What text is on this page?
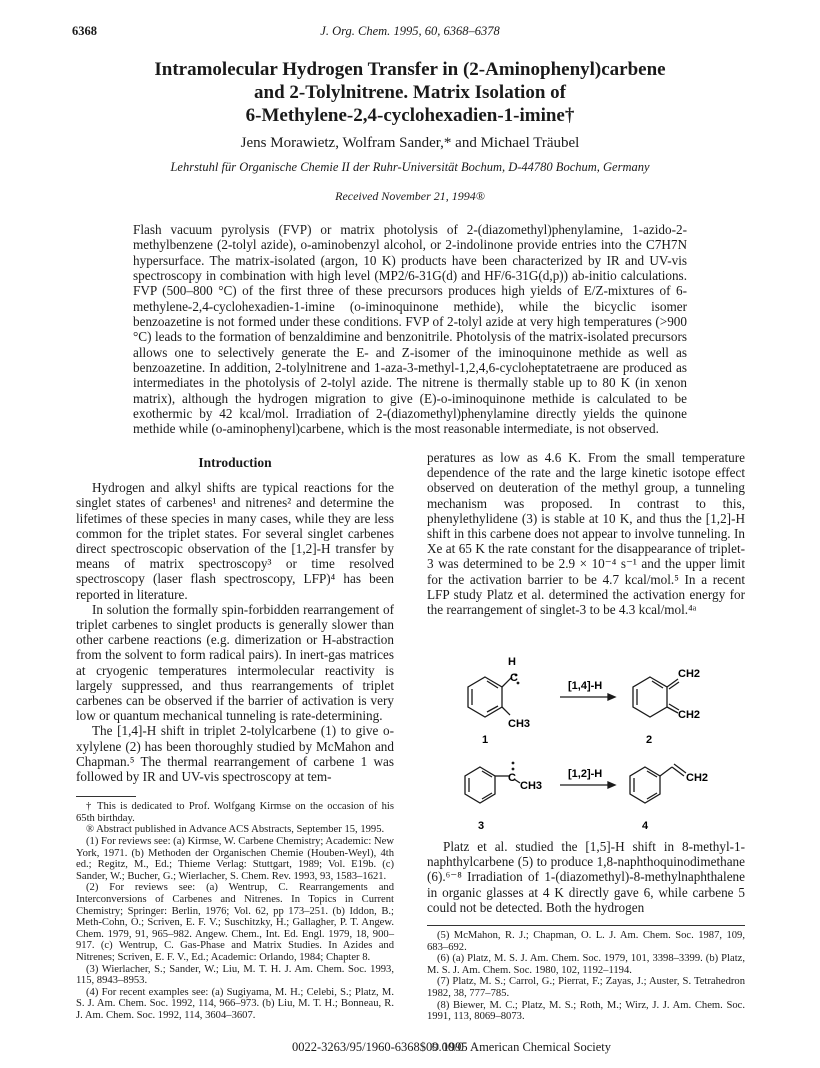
6368	J. Org. Chem. 1995, 60, 6368–6378
Intramolecular Hydrogen Transfer in (2-Aminophenyl)carbene
and 2-Tolylnitrene. Matrix Isolation of
6-Methylene-2,4-cyclohexadien-1-imine†
Jens Morawietz, Wolfram Sander,* and Michael Träubel
Lehrstuhl für Organische Chemie II der Ruhr-Universität Bochum, D-44780 Bochum, Germany
Received November 21, 1994®
Flash vacuum pyrolysis (FVP) or matrix photolysis of 2-(diazomethyl)phenylamine, 1-azido-2-methylbenzene (2-tolyl azide), o-aminobenzyl alcohol, or 2-indolinone provide entries into the C7H7N hypersurface. The matrix-isolated (argon, 10 K) products have been characterized by IR and UV-vis spectroscopy in combination with high level (MP2/6-31G(d) and HF/6-31G(d,p)) ab-initio calculations. FVP (500–800 °C) of the first three of these precursors produces high yields of E/Z-mixtures of 6-methylene-2,4-cyclohexadien-1-imine (o-iminoquinone methide), while the bicyclic isomer benzoazetine is not formed under these conditions. FVP of 2-tolyl azide at very high temperatures (>900 °C) leads to the formation of benzaldimine and benzonitrile. Photolysis of the matrix-isolated precursors allows one to selectively generate the E- and Z-isomer of the iminoquinone methide as well as benzoazetine. In addition, 2-tolylnitrene and 1-aza-3-methyl-1,2,4,6-cycloheptatetraene are produced as intermediates in the photolysis of 2-tolyl azide. The nitrene is thermally stable up to 80 K (in xenon matrix), although the hydrogen migration to give (E)-o-iminoquinone methide is calculated to be exothermic by 42 kcal/mol. Irradiation of 2-(diazomethyl)phenylamine directly yields the quinone methide while (o-aminophenyl)carbene, which is the most reasonable intermediate, is not observed.
Introduction

Hydrogen and alkyl shifts are typical reactions for the singlet states of carbenes¹ and nitrenes² and determine the lifetimes of these species in many cases, while they are less common for the triplet states. For several singlet carbenes direct spectroscopic observation of the [1,2]-H transfer by means of matrix spectroscopy³ or time resolved spectroscopy (laser flash spectroscopy, LFP)⁴ has been reported in literature.

In solution the formally spin-forbidden rearrangement of triplet carbenes to singlet products is generally slower than other carbene reactions (e.g. dimerization or H-abstraction from the solvent to form radical pairs). In inert-gas matrices at cryogenic temperatures intermolecular reactivity is largely suppressed, and thus rearrangements of triplet carbenes can be observed if the barrier of activation is very low or quantum mechanical tunneling is rate-determining.

The [1,4]-H shift in triplet 2-tolylcarbene (1) to give o-xylylene (2) has been thoroughly studied by McMahon and Chapman.⁵ The thermal rearrangement of carbene 1 was followed by IR and UV-vis spectroscopy at tem-

† This is dedicated to Prof. Wolfgang Kirmse on the occasion of his 65th birthday.

® Abstract published in Advance ACS Abstracts, September 15, 1995.

(1) For reviews see: (a) Kirmse, W. Carbene Chemistry; Academic: New York, 1971. (b) Methoden der Organischen Chemie (Houben-Weyl), 4th ed.; Regitz, M., Ed.; Thieme Verlag: Stuttgart, 1989; Vol. E19b. (c) Sander, W.; Bucher, G.; Wierlacher, S. Chem. Rev. 1993, 93, 1583–1621.

(2) For reviews see: (a) Wentrup, C. Rearrangements and Interconversions of Carbenes and Nitrenes. In Topics in Current Chemistry; Springer: Berlin, 1976; Vol. 62, pp 173–251. (b) Iddon, B.; Meth-Cohn, O.; Scriven, E. F. V.; Suschitzky, H.; Gallagher, P. T. Angew. Chem. 1979, 91, 965–982. Angew. Chem., Int. Ed. Engl. 1979, 18, 900–917. (c) Wentrup, C. Gas-Phase and Matrix Studies. In Azides and Nitrenes; Scriven, E. F. V., Ed.; Academic: Orlando, 1984; Chapter 8.

(3) Wierlacher, S.; Sander, W.; Liu, M. T. H. J. Am. Chem. Soc. 1993, 115, 8943–8953.

(4) For recent examples see: (a) Sugiyama, M. H.; Celebi, S.; Platz, M. S. J. Am. Chem. Soc. 1992, 114, 966–973. (b) Liu, M. T. H.; Bonneau, R. J. Am. Chem. Soc. 1992, 114, 3604–3607.

peratures as low as 4.6 K. From the small temperature dependence of the rate and the large kinetic isotope effect observed on deuteration of the methyl group, a tunneling mechanism was proposed. In contrast to this, phenylethylidene (3) is stable at 10 K, and thus the [1,2]-H shift in this carbene does not appear to involve tunneling. In Xe at 65 K the rate constant for the disappearance of triplet-3 was determined to be 2.9 × 10⁻⁴ s⁻¹ and the upper limit for the activation barrier to be 4.7 kcal/mol.⁵ In a recent LFP study Platz et al. determined the activation energy for the rearrangement of singlet-3 to be 4.3 kcal/mol.⁴ᵃ

H
C
CH3
[1,4]-H
CH2
CH2
1	2
C
CH3
[1,2]-H	CH2
3	4

Platz et al. studied the [1,5]-H shift in 8-methyl-1-naphthylcarbene (5) to produce 1,8-naphthoquinodimethane (6).⁶⁻⁸ Irradiation of 1-(diazomethyl)-8-methylnaphthalene in organic glasses at 4 K directly gave 6, while carbene 5 could not be detected. Both the hydrogen

(5) McMahon, R. J.; Chapman, O. L. J. Am. Chem. Soc. 1987, 109, 683–692.

(6) (a) Platz, M. S. J. Am. Chem. Soc. 1979, 101, 3398–3399. (b) Platz, M. S. J. Am. Chem. Soc. 1980, 102, 1192–1194.

(7) Platz, M. S.; Carrol, G.; Pierrat, F.; Zayas, J.; Auster, S. Tetrahedron 1982, 38, 777–785.

(8) Biewer, M. C.; Platz, M. S.; Roth, M.; Wirz, J. J. Am. Chem. Soc. 1991, 113, 8069–8073.

0022-3263/95/1960-6368$09.00/0
© 1995 American Chemical Society
